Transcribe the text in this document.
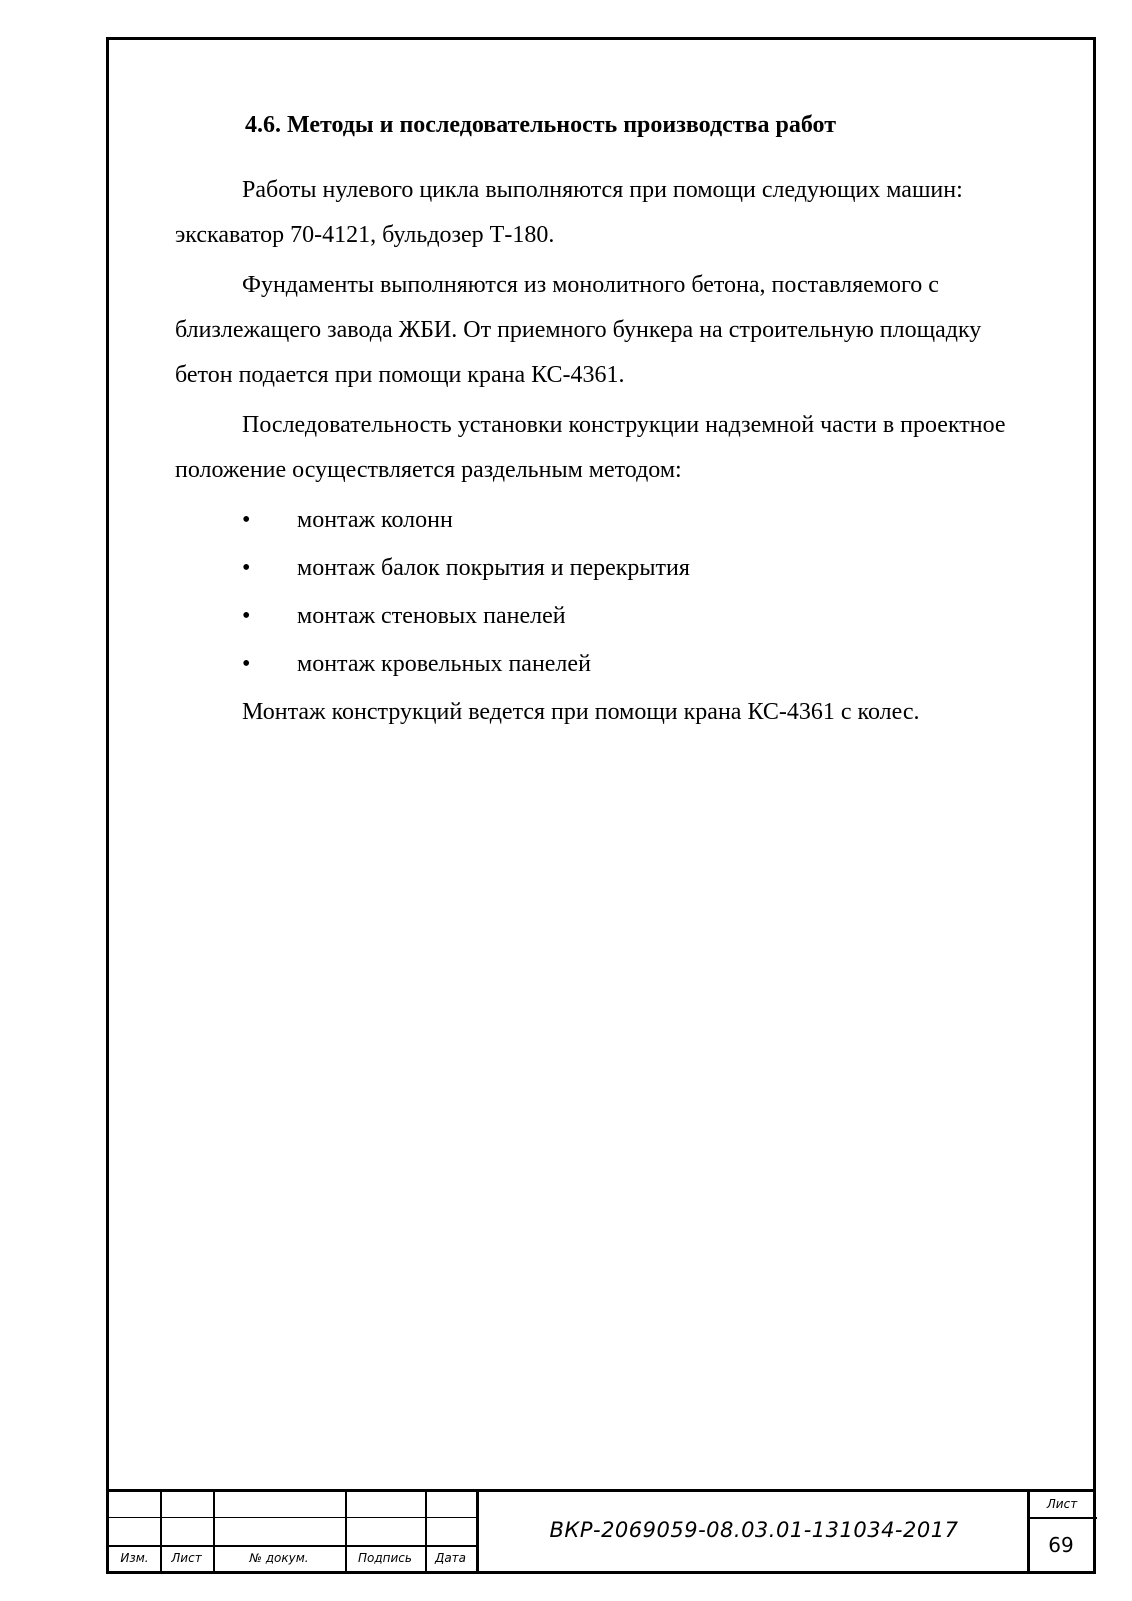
4.6. Методы и последовательность производства работ

Работы нулевого цикла выполняются при помощи следующих машин: экскаватор 70-4121, бульдозер Т-180.

Фундаменты выполняются из монолитного бетона, поставляемого с близлежащего завода ЖБИ. От приемного бункера на строительную площадку бетон подается при помощи крана КС-4361.

Последовательность установки конструкции надземной части в проектное положение осуществляется раздельным методом:

• монтаж колонн
• монтаж балок покрытия и перекрытия
• монтаж стеновых панелей
• монтаж кровельных панелей

Монтаж конструкций ведется при помощи крана КС-4361 с колес.

Изм.	Лист	№ докум.	Подпись	Дата
ВКР-2069059-08.03.01-131034-2017
Лист
69
